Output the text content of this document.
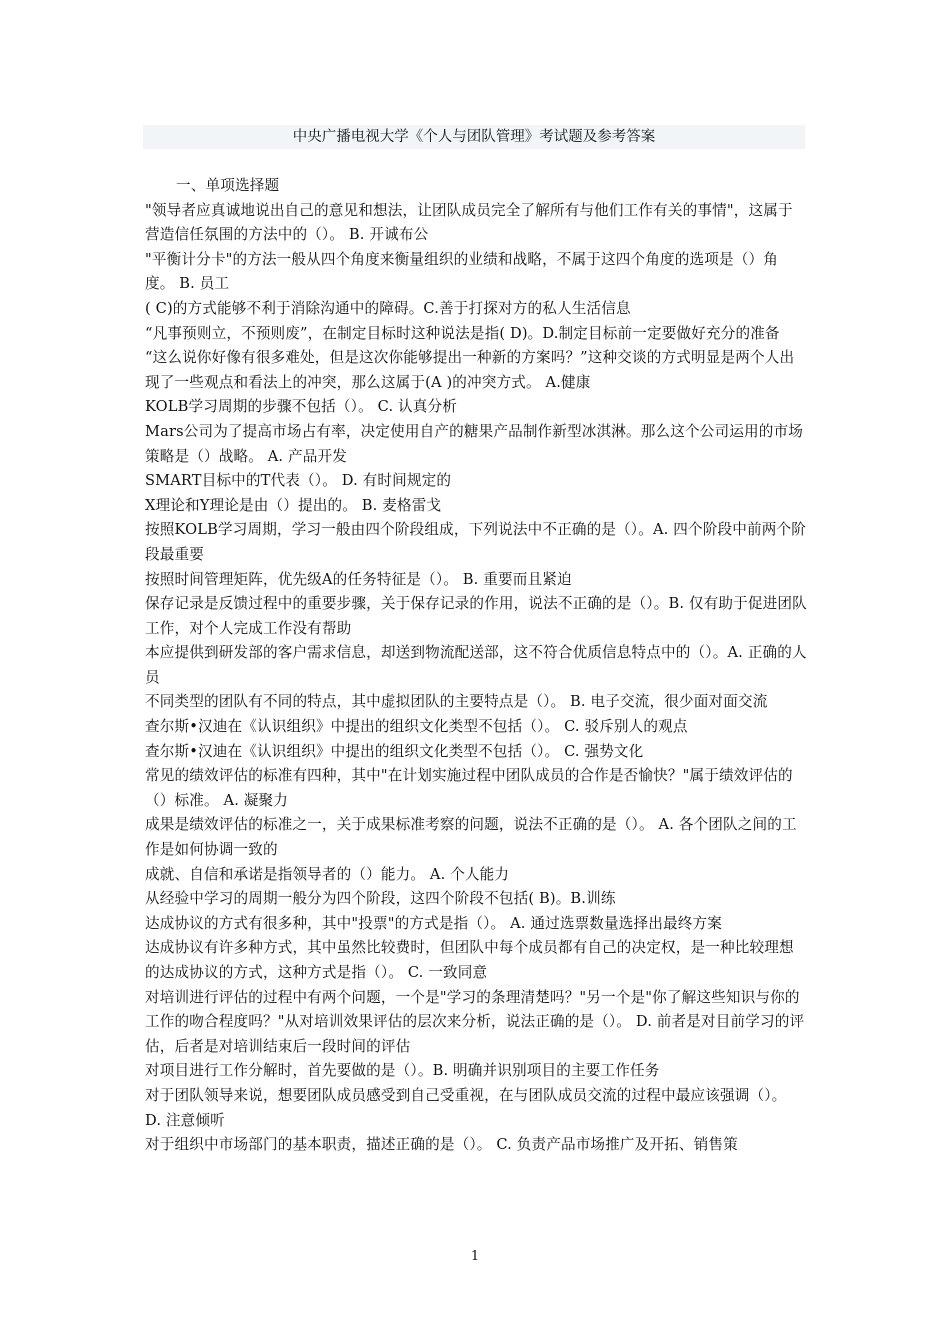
中央广播电视大学《个人与团队管理》考试题及参考答案

一、单项选择题

"领导者应真诚地说出自己的意见和想法，让团队成员完全了解所有与他们工作有关的事情"，这属于营造信任氛围的方法中的（）。 B. 开诚布公

"平衡计分卡"的方法一般从四个角度来衡量组织的业绩和战略，不属于这四个角度的选项是（）角度。 B. 员工

( C)的方式能够不利于消除沟通中的障碍。C.善于打探对方的私人生活信息

“凡事预则立，不预则废”，在制定目标时这种说法是指( D)。D.制定目标前一定要做好充分的准备

“这么说你好像有很多难处，但是这次你能够提出一种新的方案吗？”这种交谈的方式明显是两个人出现了一些观点和看法上的冲突，那么这属于(A )的冲突方式。 A.健康

KOLB学习周期的步骤不包括（）。 C. 认真分析

Mars公司为了提高市场占有率，决定使用自产的糖果产品制作新型冰淇淋。那么这个公司运用的市场策略是（）战略。 A. 产品开发

SMART目标中的T代表（）。 D. 有时间规定的

X理论和Y理论是由（）提出的。 B. 麦格雷戈

按照KOLB学习周期，学习一般由四个阶段组成，下列说法中不正确的是（）。A. 四个阶段中前两个阶段最重要

按照时间管理矩阵，优先级A的任务特征是（）。 B. 重要而且紧迫

保存记录是反馈过程中的重要步骤，关于保存记录的作用，说法不正确的是（）。B. 仅有助于促进团队工作，对个人完成工作没有帮助

本应提供到研发部的客户需求信息，却送到物流配送部，这不符合优质信息特点中的（）。A. 正确的人员

不同类型的团队有不同的特点，其中虚拟团队的主要特点是（）。 B. 电子交流，很少面对面交流

查尔斯•汉迪在《认识组织》中提出的组织文化类型不包括（）。 C. 驳斥别人的观点

查尔斯•汉迪在《认识组织》中提出的组织文化类型不包括（）。 C. 强势文化

常见的绩效评估的标准有四种，其中"在计划实施过程中团队成员的合作是否愉快？"属于绩效评估的（）标准。 A. 凝聚力

成果是绩效评估的标准之一，关于成果标准考察的问题，说法不正确的是（）。 A. 各个团队之间的工作是如何协调一致的

成就、自信和承诺是指领导者的（）能力。 A. 个人能力

从经验中学习的周期一般分为四个阶段，这四个阶段不包括( B)。B.训练

达成协议的方式有很多种，其中"投票"的方式是指（）。 A. 通过选票数量选择出最终方案

达成协议有许多种方式，其中虽然比较费时，但团队中每个成员都有自己的决定权，是一种比较理想的达成协议的方式，这种方式是指（）。 C. 一致同意

对培训进行评估的过程中有两个问题，一个是"学习的条理清楚吗？"另一个是"你了解这些知识与你的工作的吻合程度吗？"从对培训效果评估的层次来分析，说法正确的是（）。 D. 前者是对目前学习的评估，后者是对培训结束后一段时间的评估

对项目进行工作分解时，首先要做的是（）。B. 明确并识别项目的主要工作任务

对于团队领导来说，想要团队成员感受到自己受重视，在与团队成员交流的过程中最应该强调（）。 D. 注意倾听

对于组织中市场部门的基本职责，描述正确的是（）。 C. 负责产品市场推广及开拓、销售策

1
